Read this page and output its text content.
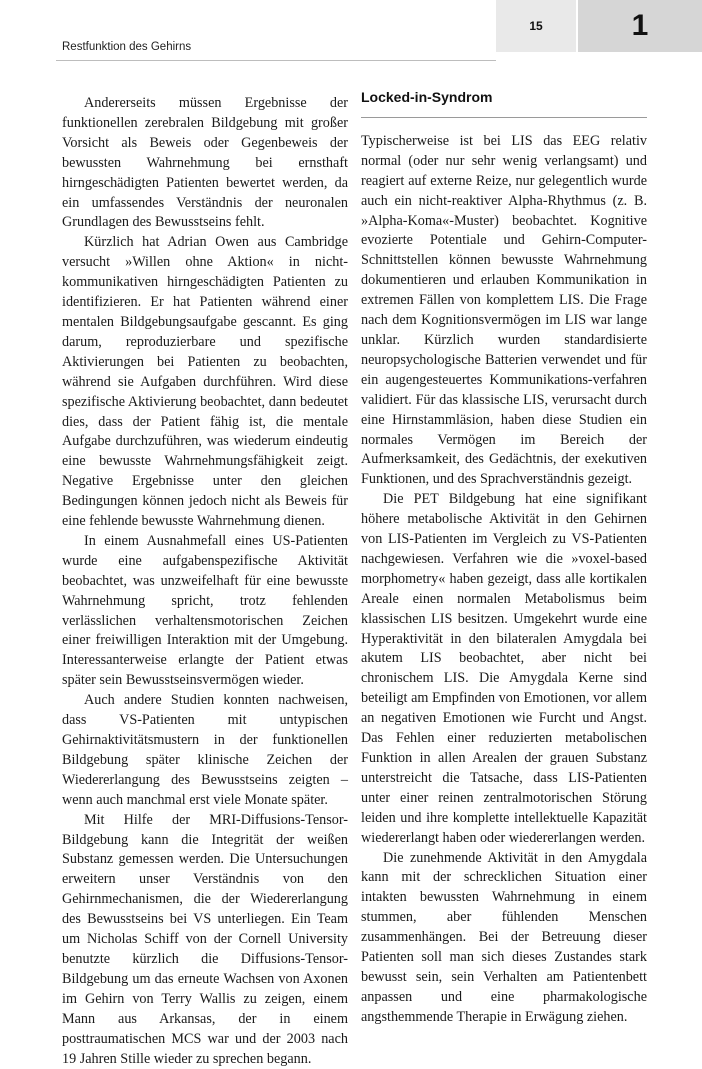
Restfunktion des Gehirns
15	1

Andererseits müssen Ergebnisse der funktionellen zerebralen Bildgebung mit großer Vorsicht als Beweis oder Gegenbeweis der bewussten Wahrnehmung bei ernsthaft hirngeschädigten Patienten bewertet werden, da ein umfassendes Verständnis der neuronalen Grundlagen des Bewusstseins fehlt.

Kürzlich hat Adrian Owen aus Cambridge versucht »Willen ohne Aktion« in nicht-kommunikativen hirngeschädigten Patienten zu identifizieren. Er hat Patienten während einer mentalen Bildgebungsaufgabe gescannt. Es ging darum, reproduzierbare und spezifische Aktivierungen bei Patienten zu beobachten, während sie Aufgaben durchführen. Wird diese spezifische Aktivierung beobachtet, dann bedeutet dies, dass der Patient fähig ist, die mentale Aufgabe durchzuführen, was wiederum eindeutig eine bewusste Wahrnehmungsfähigkeit zeigt. Negative Ergebnisse unter den gleichen Bedingungen können jedoch nicht als Beweis für eine fehlende bewusste Wahrnehmung dienen.

In einem Ausnahmefall eines US-Patienten wurde eine aufgabenspezifische Aktivität beobachtet, was unzweifelhaft für eine bewusste Wahrnehmung spricht, trotz fehlenden verlässlichen verhaltensmotorischen Zeichen einer freiwilligen Interaktion mit der Umgebung. Interessanterweise erlangte der Patient etwas später sein Bewusstseinsvermögen wieder.

Auch andere Studien konnten nachweisen, dass VS-Patienten mit untypischen Gehirnaktivitätsmustern in der funktionellen Bildgebung später klinische Zeichen der Wiedererlangung des Bewusstseins zeigten – wenn auch manchmal erst viele Monate später.

Mit Hilfe der MRI-Diffusions-Tensor-Bildgebung kann die Integrität der weißen Substanz gemessen werden. Die Untersuchungen erweitern unser Verständnis von den Gehirnmechanismen, die der Wiedererlangung des Bewusstseins bei VS unterliegen. Ein Team um Nicholas Schiff von der Cornell University benutzte kürzlich die Diffusions-Tensor-Bildgebung um das erneute Wachsen von Axonen im Gehirn von Terry Wallis zu zeigen, einem Mann aus Arkansas, der in einem posttraumatischen MCS war und der 2003 nach 19 Jahren Stille wieder zu sprechen begann.

Locked-in-Syndrom

Typischerweise ist bei LIS das EEG relativ normal (oder nur sehr wenig verlangsamt) und reagiert auf externe Reize, nur gelegentlich wurde auch ein nicht-reaktiver Alpha-Rhythmus (z. B. »Alpha-Koma«-Muster) beobachtet. Kognitive evozierte Potentiale und Gehirn-Computer-Schnittstellen können bewusste Wahrnehmung dokumentieren und erlauben Kommunikation in extremen Fällen von komplettem LIS. Die Frage nach dem Kognitionsvermögen im LIS war lange unklar. Kürzlich wurden standardisierte neuropsychologische Batterien verwendet und für ein augengesteuertes Kommunikations-verfahren validiert. Für das klassische LIS, verursacht durch eine Hirnstammläsion, haben diese Studien ein normales Vermögen im Bereich der Aufmerksamkeit, des Gedächtnis, der exekutiven Funktionen, und des Sprachverständnis gezeigt.

Die PET Bildgebung hat eine signifikant höhere metabolische Aktivität in den Gehirnen von LIS-Patienten im Vergleich zu VS-Patienten nachgewiesen. Verfahren wie die »voxel-based morphometry« haben gezeigt, dass alle kortikalen Areale einen normalen Metabolismus beim klassischen LIS besitzen. Umgekehrt wurde eine Hyperaktivität in den bilateralen Amygdala bei akutem LIS beobachtet, aber nicht bei chronischem LIS. Die Amygdala Kerne sind beteiligt am Empfinden von Emotionen, vor allem an negativen Emotionen wie Furcht und Angst. Das Fehlen einer reduzierten metabolischen Funktion in allen Arealen der grauen Substanz unterstreicht die Tatsache, dass LIS-Patienten unter einer reinen zentralmotorischen Störung leiden und ihre komplette intellektuelle Kapazität wiedererlangt haben oder wiedererlangen werden.

Die zunehmende Aktivität in den Amygdala kann mit der schrecklichen Situation einer intakten bewussten Wahrnehmung in einem stummen, aber fühlenden Menschen zusammenhängen. Bei der Betreuung dieser Patienten soll man sich dieses Zustandes stark bewusst sein, sein Verhalten am Patientenbett anpassen und eine pharmakologische angsthemmende Therapie in Erwägung ziehen.
